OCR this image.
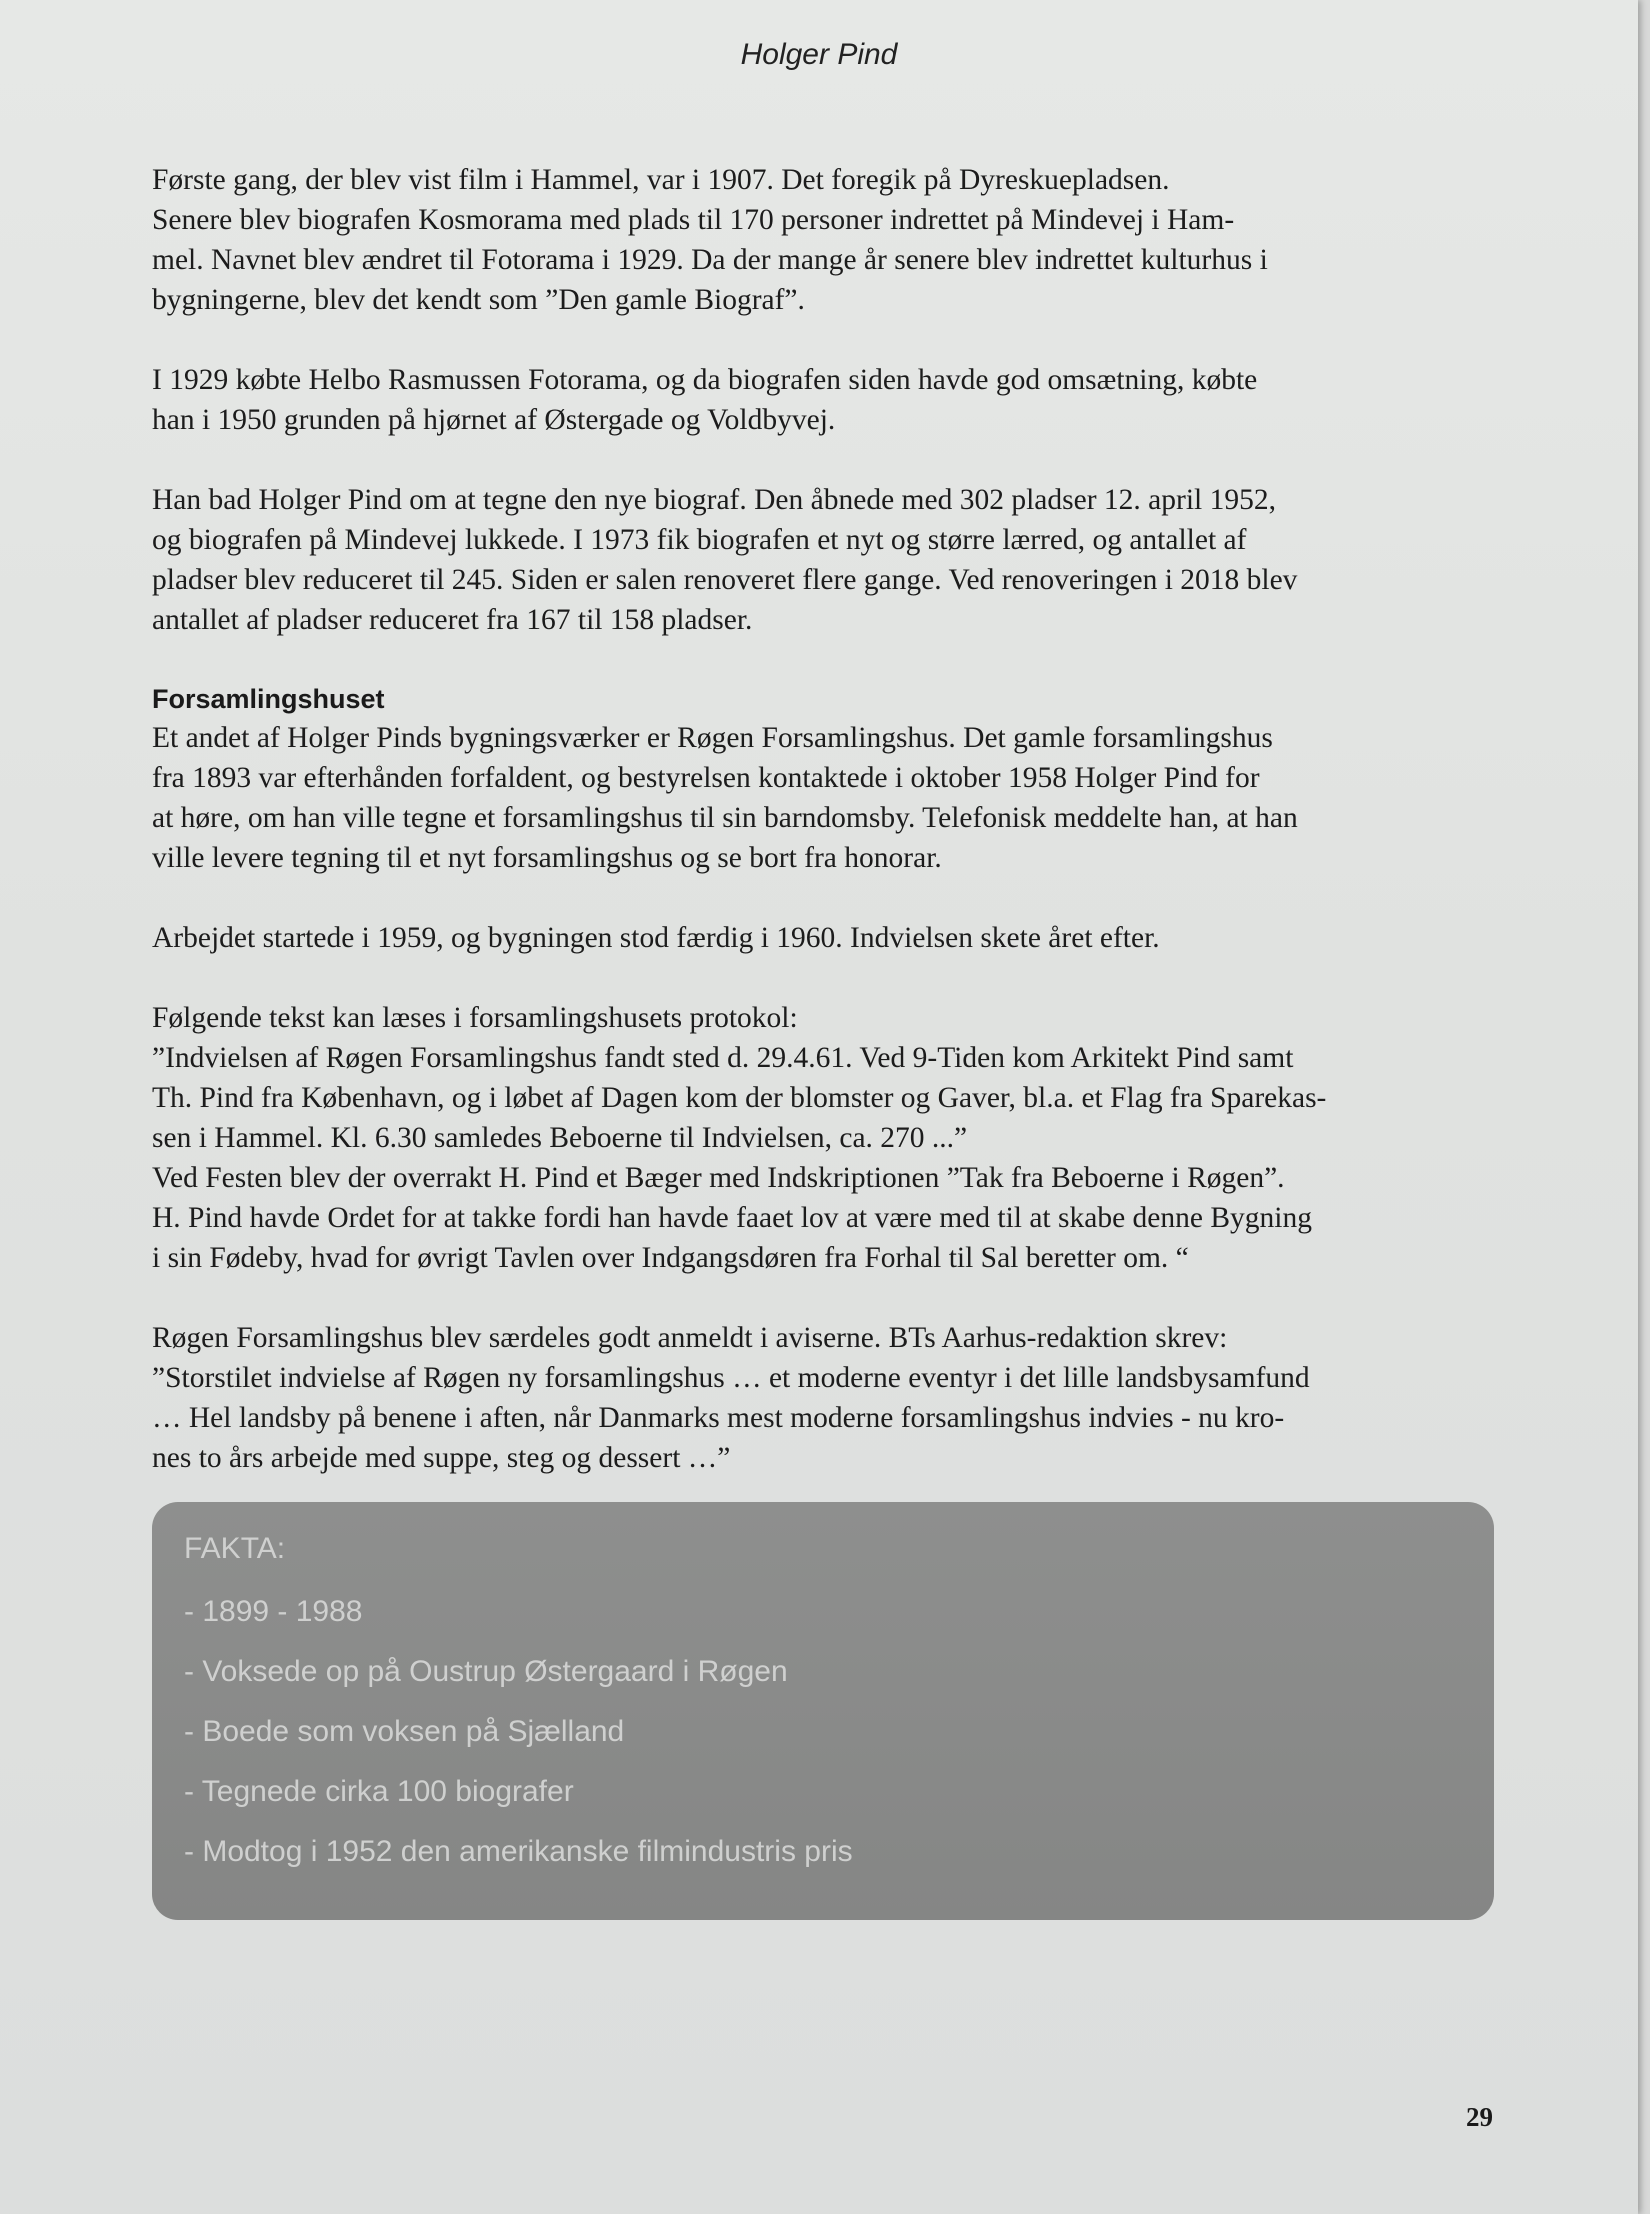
Holger Pind

Første gang, der blev vist film i Hammel, var i 1907. Det foregik på Dyreskuepladsen.
Senere blev biografen Kosmorama med plads til 170 personer indrettet på Mindevej i Ham-
mel. Navnet blev ændret til Fotorama i 1929. Da der mange år senere blev indrettet kulturhus i
bygningerne, blev det kendt som ”Den gamle Biograf”.

I 1929 købte Helbo Rasmussen Fotorama, og da biografen siden havde god omsætning, købte
han i 1950 grunden på hjørnet af Østergade og Voldbyvej.

Han bad Holger Pind om at tegne den nye biograf. Den åbnede med 302 pladser 12. april 1952,
og biografen på Mindevej lukkede. I 1973 fik biografen et nyt og større lærred, og antallet af
pladser blev reduceret til 245. Siden er salen renoveret flere gange. Ved renoveringen i 2018 blev
antallet af pladser reduceret fra 167 til 158 pladser.

Forsamlingshuset

Et andet af Holger Pinds bygningsværker er Røgen Forsamlingshus. Det gamle forsamlingshus
fra 1893 var efterhånden forfaldent, og bestyrelsen kontaktede i oktober 1958 Holger Pind for
at høre, om han ville tegne et forsamlingshus til sin barndomsby. Telefonisk meddelte han, at han
ville levere tegning til et nyt forsamlingshus og se bort fra honorar.

Arbejdet startede i 1959, og bygningen stod færdig i 1960. Indvielsen skete året efter.

Følgende tekst kan læses i forsamlingshusets protokol:
”Indvielsen af Røgen Forsamlingshus fandt sted d. 29.4.61. Ved 9-Tiden kom Arkitekt Pind samt
Th. Pind fra København, og i løbet af Dagen kom der blomster og Gaver, bl.a. et Flag fra Sparekas-
sen i Hammel. Kl. 6.30 samledes Beboerne til Indvielsen, ca. 270 ...”
Ved Festen blev der overrakt H. Pind et Bæger med Indskriptionen ”Tak fra Beboerne i Røgen”.
H. Pind havde Ordet for at takke fordi han havde faaet lov at være med til at skabe denne Bygning
i sin Fødeby, hvad for øvrigt Tavlen over Indgangsdøren fra Forhal til Sal beretter om. “

Røgen Forsamlingshus blev særdeles godt anmeldt i aviserne. BTs Aarhus-redaktion skrev:
”Storstilet indvielse af Røgen ny forsamlingshus … et moderne eventyr i det lille landsbysamfund
… Hel landsby på benene i aften, når Danmarks mest moderne forsamlingshus indvies - nu kro-
nes to års arbejde med suppe, steg og dessert …”

FAKTA:
- 1899 - 1988
- Voksede op på Oustrup Østergaard i Røgen
- Boede som voksen på Sjælland
- Tegnede cirka 100 biografer
- Modtog i 1952 den amerikanske filmindustris pris
29
